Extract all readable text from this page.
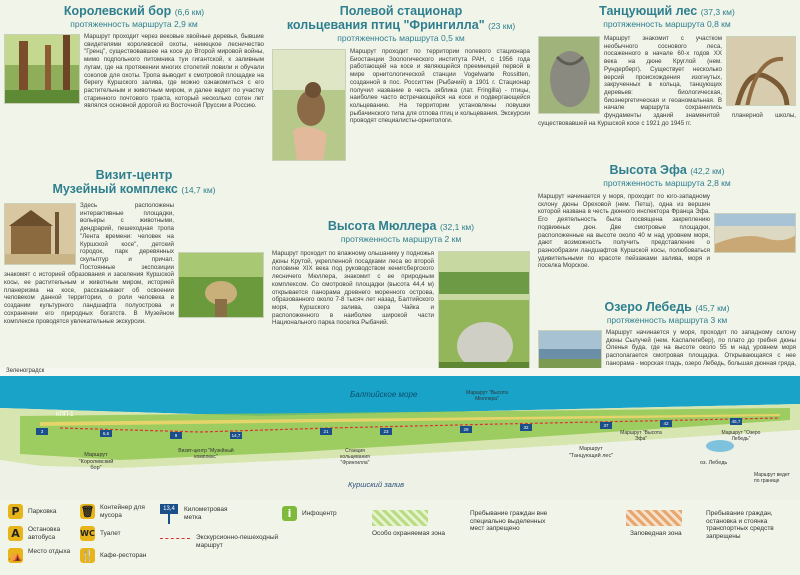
Королевский бор (6,6 км)
протяженность маршрута 2,9 км
Маршрут проходит через вековые хвойные деревья, бывшие свидетелями королевской охоты, немецкое лесничество "Гренц", существовавшее на косе до Второй мировой войны, мимо подпольного питомника туи гигантской, к заливным лугам, где на протяжении многих столетий ловили и обучали соколов для охоты. Тропа выводит к смотровой площадке на берегу Куршского залива, где можно ознакомиться с его растительным и животным миром, и далее ведет по участку старинного почтового тракта, который несколько сотен лет являлся основной дорогой из Восточной Пруссии в Россию.
Визит-центр
Музейный комплекс (14,7 км)
Здесь расположены интерактивные площадки, вольеры с животными, дендрарий, пешеходная тропа "Лента времени: человек на Куршской косе", детский городок, парк деревянных скульптур и причал. Постоянные экспозиции знакомят с историей образования и заселения Куршской косы, ее растительным и животным миром, историей планеризма на косе, рассказывают об освоении человеком данной территории, о роли человека в создании культурного ландшафта полуострова и сохранении его природных богатств. В Музейном комплексе проводятся увлекательные экскурсии.
Полевой стационар
кольцевания птиц "Фрингилла" (23 км)
протяженность маршрута 0,5 км
Маршрут проходит по территории полевого стационара Биостанции Зоологического института РАН, с 1956 года работающей на косе и являющейся преемницей первой в мире орнитологической станции Vogelwarte Rossitten, созданной в пос. Росситтен (Рыбачий) в 1901 г. Стационар получил название в честь зяблика (лат. Fringilla) - птицы, наиболее часто встречающейся на косе и подвергающейся кольцеванию. На территории установлены ловушки рыбачинского типа для отлова птиц и кольцевания. Экскурсии проводят специалисты-орнитологи.
Высота Мюллера (32,1 км)
протяженность маршрута 2 км
Маршрут проходит по влажному ольшанику у подножья дюны Крутой, укрепленной посадками леса во второй половине XIX века под руководством кенигсбергского лесничего Мюллера, знакомит с ее природным комплексом. Со смотровой площадки (высота 44,4 м) открывается панорама древнего моренного острова, образованного около 7-8 тысяч лет назад, Балтийского моря, Куршского залива, озера Чайка и расположенного в наиболее широкой части Национального парка поселка Рыбачий.
Танцующий лес (37,3 км)
протяженность маршрута 0,8 км
Маршрут знакомит с участком необычного соснового леса, посаженного в начале 60-х годов ХХ века на дюне Круглой (нем. Рундерберг). Существует несколько версий происхождения изогнутых, закрученных в кольца, танцующих деревьев: биологическая, биоэнергетическая и геоаномальная. В начале маршрута сохранились фундаменты зданий знаменитой планерной школы, существовавшей на Куршской косе с 1921 до 1945 гг.
Высота Эфа (42,2 км)
протяженность маршрута 2,8 км
Маршрут начинается у моря, проходит по юго-западному склону дюны Ореховой (нем. Петш), одна из вершин которой названа в честь дюнного инспектора Франца Эфа. Его деятельность была посвящена закреплению подвижных дюн. Две смотровые площадки, расположенные на высоте около 40 м над уровнем моря, дают возможность получить представление о разнообразии ландшафтов Куршской косы, полюбоваться удивительными по красоте пейзажами залива, моря и поселка Морское.
Озеро Лебедь (45,7 км)
протяженность маршрута 3 км
Маршрут начинается у моря, проходит по западному склону дюны Сылучей (нем. Каспалегебер), по плато до гребня дюны Оленья буда, где на высоте около 55 м над уровнем моря располагается смотровая площадка. Открывающаяся с нее панорама - морская гладь, озеро Лебедь, большая дюнная гряда,
Зеленоградск
КПП-1
Балтийское море
Куршский залив
Маршрут "Королевский бор"
Визит-центр "Музейный комплекс"
Станция кольцевания "Фрингилла"
Маршрут "Высота Мюллера"
Маршрут "Танцующий лес"
Маршрут "Высота Эфа"
Маршрут "Озеро Лебедь"
оз. Лебедь
Маршрут ведет по границе
3	6,6	9	14,7
21	23	29	32	37	42	45,7
P	Парковка
A	Остановка автобуса
⛺ Место отдыха
🗑 Контейнер для мусора
WC Туалет
🍴 Кафе-ресторан
13,4	Километровая метка
Экскурсионно-пешеходный маршрут
i	Инфоцентр
Особо охраняемая зона
Пребывание граждан вне специально выделенных мест запрещено
Заповедная зона
Пребывание граждан, остановка и стоянка транспортных средств запрещены
